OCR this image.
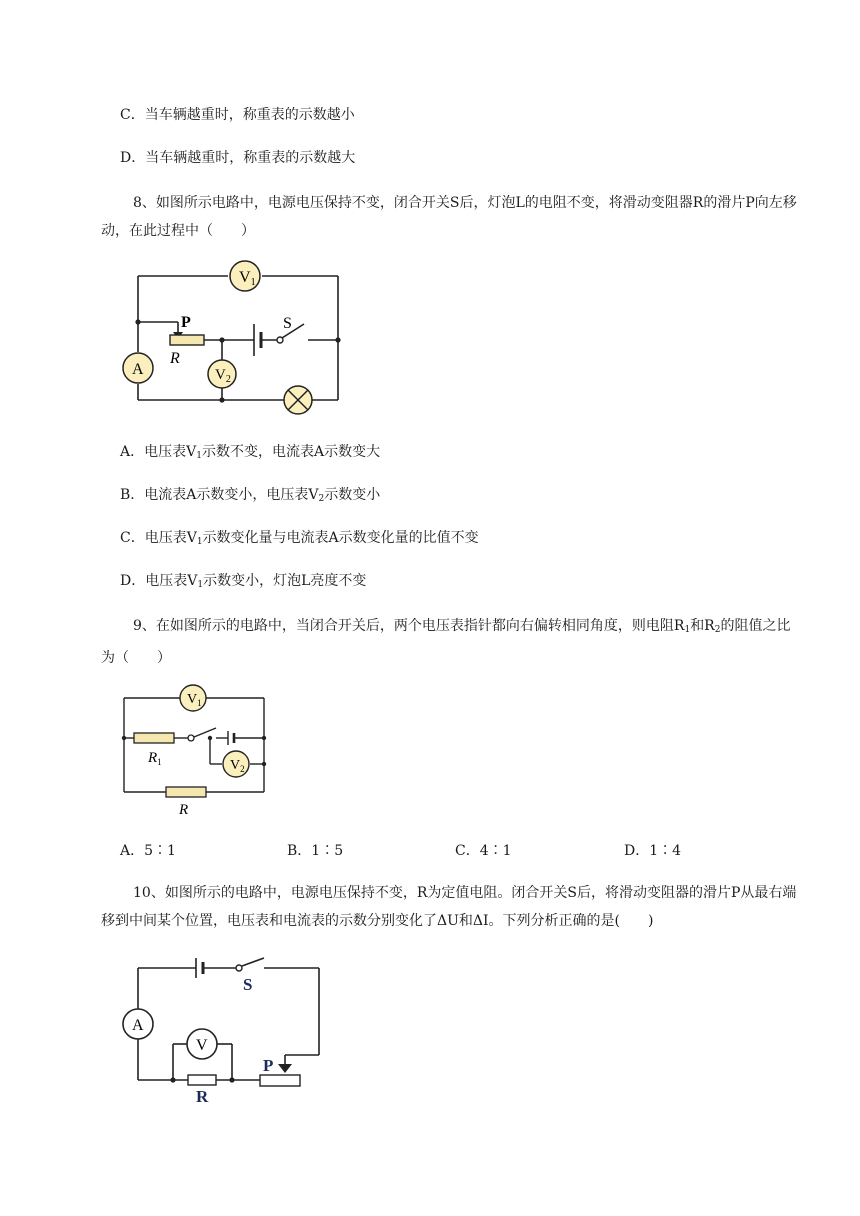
C．当车辆越重时，称重表的示数越小
D．当车辆越重时，称重表的示数越大
8、如图所示电路中，电源电压保持不变，闭合开关S后，灯泡L的电阻不变，将滑动变阻器R的滑片P向左移动，在此过程中（　　）
V1
A	$V_2$
P
R
S
A．电压表$V_1$示数不变，电流表A示数变大
B．电流表A示数变小，电压表$V_2$示数变小
C．电压表$V_1$示数变化量与电流表A示数变化量的比值不变
D．电压表$V_1$示数变小，灯泡L亮度不变
9、在如图所示的电路中，当闭合开关后，两个电压表指针都向右偏转相同角度，则电阻$R_1$和$R_2$的阻值之比为（　　）
$V_1$
$V_2$
$R_1$
R
A．5∶1	B．1∶5	C．4∶1	D．1∶4
10、如图所示的电路中，电源电压保持不变，R为定值电阻。闭合开关S后，将滑动变阻器的滑片P从最右端移到中间某个位置，电压表和电流表的示数分别变化了ΔU和ΔI。下列分析正确的是(　　)
A
V
S
P
R
